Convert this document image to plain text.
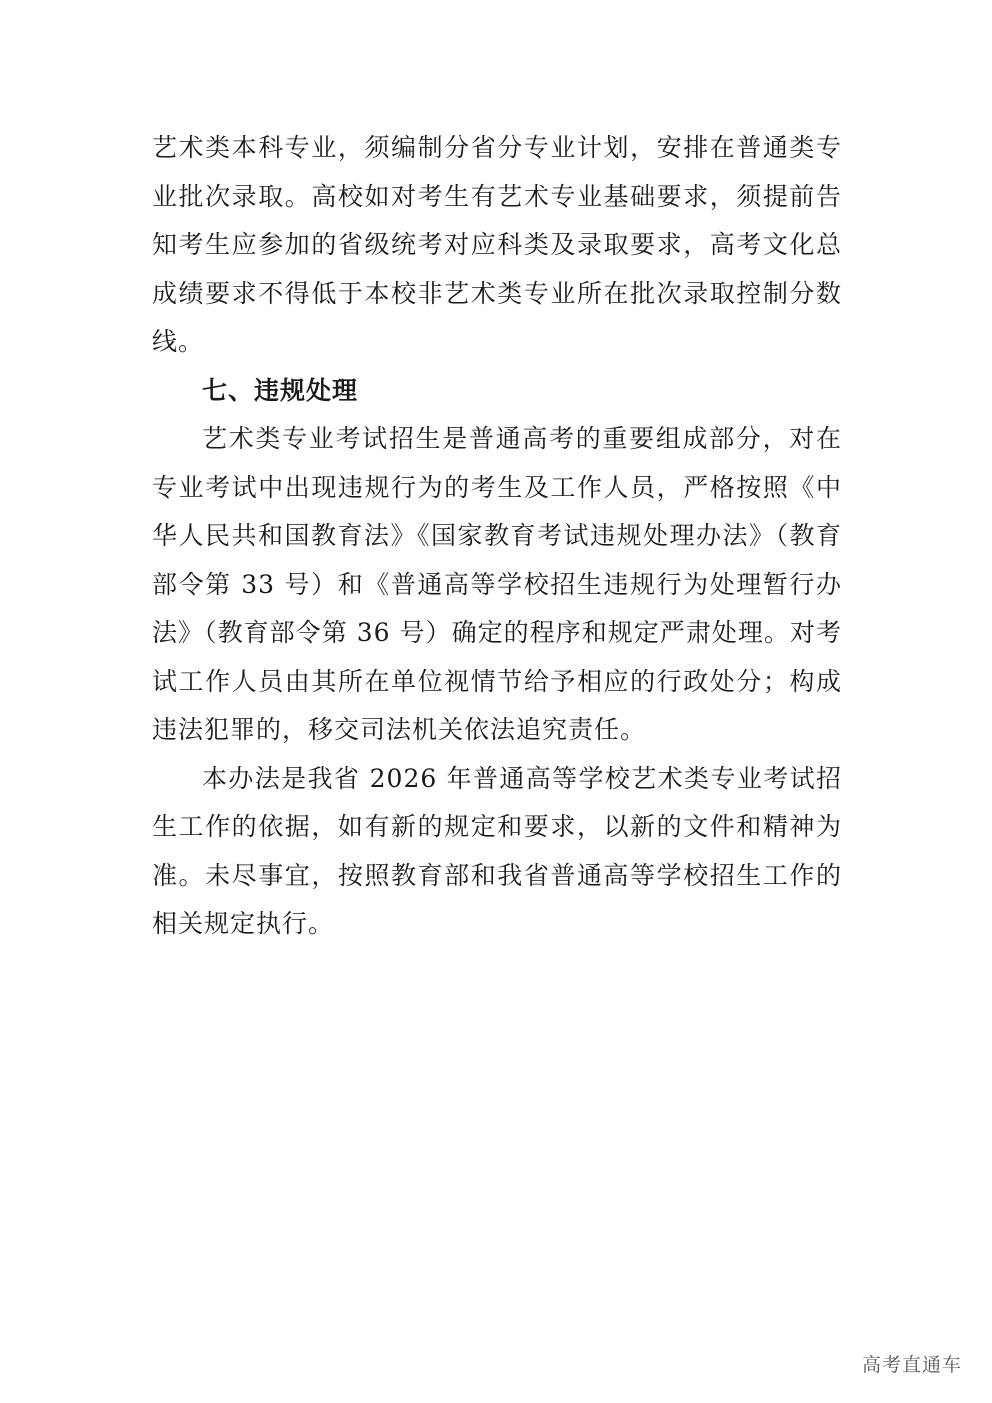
艺术类本科专业，须编制分省分专业计划，安排在普通类专业批次录取。高校如对考生有艺术专业基础要求，须提前告知考生应参加的省级统考对应科类及录取要求，高考文化总成绩要求不得低于本校非艺术类专业所在批次录取控制分数线。

七、违规处理

艺术类专业考试招生是普通高考的重要组成部分，对在专业考试中出现违规行为的考生及工作人员，严格按照《中华人民共和国教育法》《国家教育考试违规处理办法》（教育部令第 33 号）和《普通高等学校招生违规行为处理暂行办法》（教育部令第 36 号）确定的程序和规定严肃处理。对考试工作人员由其所在单位视情节给予相应的行政处分；构成违法犯罪的，移交司法机关依法追究责任。

本办法是我省 2026 年普通高等学校艺术类专业考试招生工作的依据，如有新的规定和要求，以新的文件和精神为准。未尽事宜，按照教育部和我省普通高等学校招生工作的相关规定执行。

高考直通车
